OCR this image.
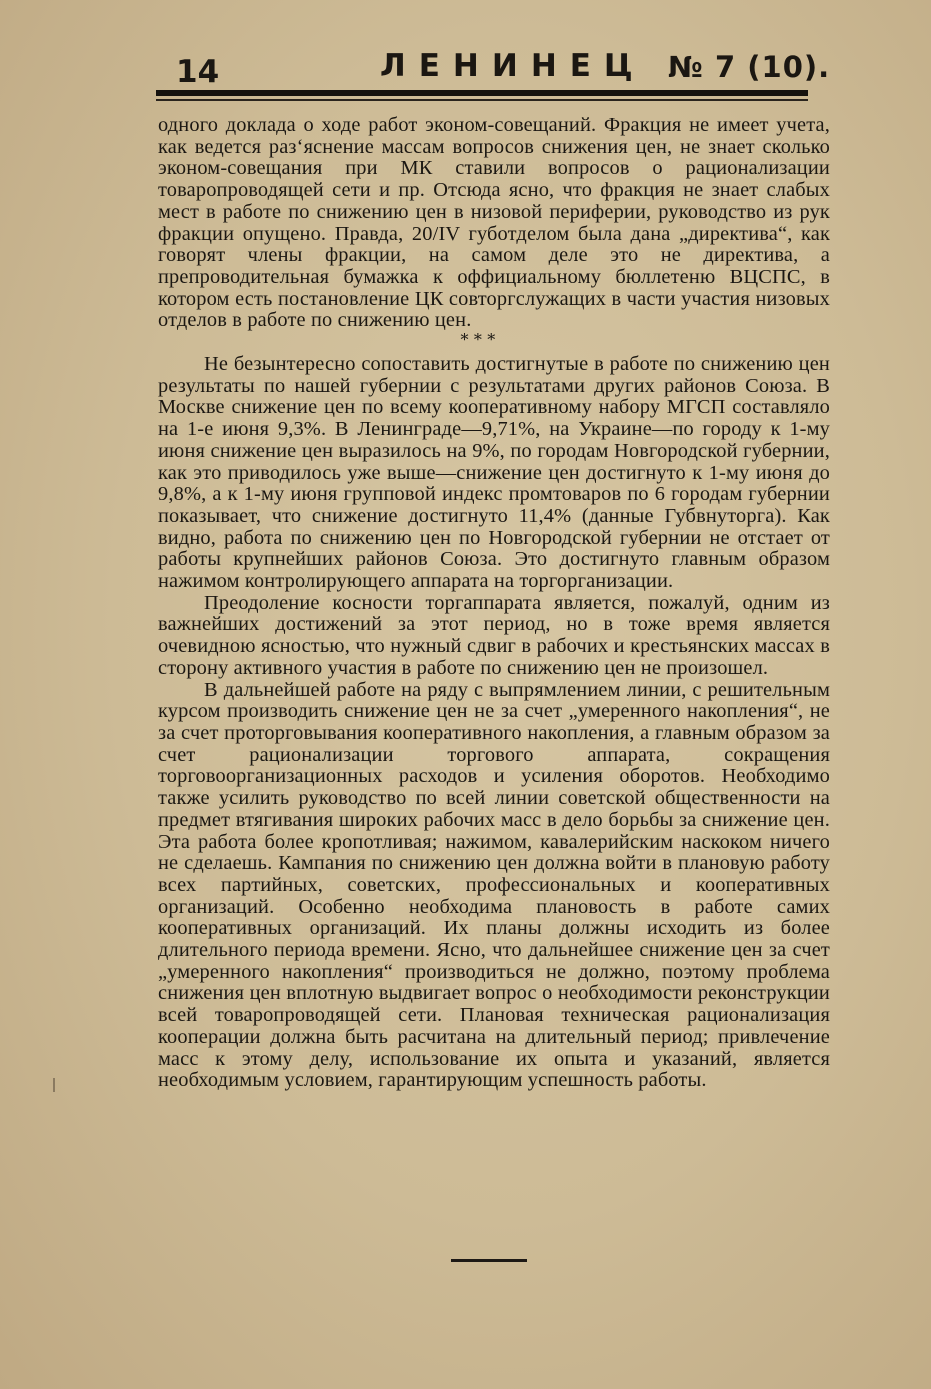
14	ЛЕНИНЕЦ № 7 (10).

одного доклада о ходе работ эконом-совещаний. Фракция не имеет учета, как ведется раз‘яснение массам вопросов снижения цен, не знает сколько эконом-совещания при МК ставили вопросов о рационализации товаропроводящей сети и пр. Отсюда ясно, что фракция не знает слабых мест в работе по снижению цен в низовой периферии, руководство из рук фракции опущено. Правда, 20/IV губотделом была дана „директива“, как говорят члены фракции, на самом деле это не директива, а препроводительная бумажка к оффициальному бюллетеню ВЦСПС, в котором есть постановление ЦК совторгслужащих в части участия низовых отделов в работе по снижению цен.

* * *

Не безынтересно сопоставить достигнутые в работе по снижению цен результаты по нашей губернии с результатами других районов Союза. В Москве снижение цен по всему кооперативному набору МГСП составляло на 1-е июня 9,3%. В Ленинграде—9,71%, на Украине—по городу к 1-му июня снижение цен выразилось на 9%, по городам Новгородской губернии, как это приводилось уже выше—снижение цен достигнуто к 1-му июня до 9,8%, а к 1-му июня групповой индекс промтоваров по 6 городам губернии показывает, что снижение достигнуто 11,4% (данные Губвнуторга). Как видно, работа по снижению цен по Новгородской губернии не отстает от работы крупнейших районов Союза. Это достигнуто главным образом нажимом контролирующего аппарата на торгорганизации.

Преодоление косности торгаппарата является, пожалуй, одним из важнейших достижений за этот период, но в тоже время является очевидною ясностью, что нужный сдвиг в рабочих и крестьянских массах в сторону активного участия в работе по снижению цен не произошел.

В дальнейшей работе на ряду с выпрямлением линии, с решительным курсом производить снижение цен не за счет „умеренного накопления“, не за счет проторговывания кооперативного накопления, а главным образом за счет рационализации торгового аппарата, сокращения торговоорганизационных расходов и усиления оборотов. Необходимо также усилить руководство по всей линии советской общественности на предмет втягивания широких рабочих масс в дело борьбы за снижение цен. Эта работа более кропотливая; нажимом, кавалерийским наскоком ничего не сделаешь. Кампания по снижению цен должна войти в плановую работу всех партийных, советских, профессиональных и кооперативных организаций. Особенно необходима плановость в работе самих кооперативных организаций. Их планы должны исходить из более длительного периода времени. Ясно, что дальнейшее снижение цен за счет „умеренного накопления“ производиться не должно, поэтому проблема снижения цен вплотную выдвигает вопрос о необходимости реконструкции всей товаропроводящей сети. Плановая техническая рационализация кооперации должна быть расчитана на длительный период; привлечение масс к этому делу, использование их опыта и указаний, является необходимым условием, гарантирующим успешность работы.
